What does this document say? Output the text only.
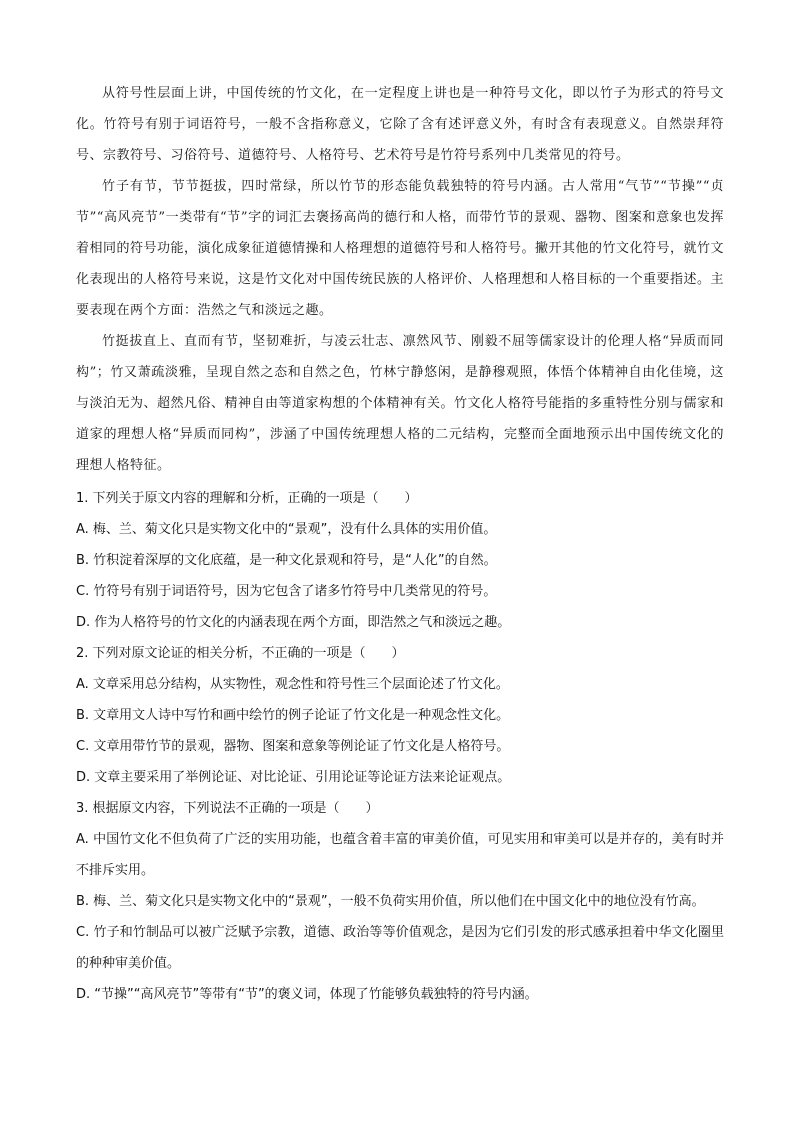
从符号性层面上讲，中国传统的竹文化，在一定程度上讲也是一种符号文化，即以竹子为形式的符号文化。竹符号有别于词语符号，一般不含指称意义，它除了含有述评意义外，有时含有表现意义。自然崇拜符号、宗教符号、习俗符号、道德符号、人格符号、艺术符号是竹符号系列中几类常见的符号。

竹子有节，节节挺拔，四时常绿，所以竹节的形态能负载独特的符号内涵。古人常用“气节”“节操”“贞节”“高风亮节”一类带有“节”字的词汇去褒扬高尚的德行和人格，而带竹节的景观、器物、图案和意象也发挥着相同的符号功能，演化成象征道德情操和人格理想的道德符号和人格符号。撇开其他的竹文化符号，就竹文化表现出的人格符号来说，这是竹文化对中国传统民族的人格评价、人格理想和人格目标的一个重要指述。主要表现在两个方面：浩然之气和淡远之趣。

竹挺拔直上、直而有节，坚韧难折，与凌云壮志、凛然风节、刚毅不屈等儒家设计的伦理人格“异质而同构”；竹又萧疏淡雅，呈现自然之态和自然之色，竹林宁静悠闲，是静穆观照，体悟个体精神自由化佳境，这与淡泊无为、超然凡俗、精神自由等道家构想的个体精神有关。竹文化人格符号能指的多重特性分别与儒家和道家的理想人格“异质而同构”，涉涵了中国传统理想人格的二元结构，完整而全面地预示出中国传统文化的理想人格特征。

1. 下列关于原文内容的理解和分析，正确的一项是（　　）

A. 梅、兰、菊文化只是实物文化中的“景观”，没有什么具体的实用价值。

B. 竹积淀着深厚的文化底蕴，是一种文化景观和符号，是“人化”的自然。

C. 竹符号有别于词语符号，因为它包含了诸多竹符号中几类常见的符号。

D. 作为人格符号的竹文化的内涵表现在两个方面，即浩然之气和淡远之趣。

2. 下列对原文论证的相关分析，不正确的一项是（　　）

A. 文章采用总分结构，从实物性，观念性和符号性三个层面论述了竹文化。

B. 文章用文人诗中写竹和画中绘竹的例子论证了竹文化是一种观念性文化。

C. 文章用带竹节的景观，器物、图案和意象等例论证了竹文化是人格符号。

D. 文章主要采用了举例论证、对比论证、引用论证等论证方法来论证观点。

3. 根据原文内容，下列说法不正确的一项是（　　）

A. 中国竹文化不但负荷了广泛的实用功能，也蕴含着丰富的审美价值，可见实用和审美可以是并存的，美有时并不排斥实用。

B. 梅、兰、菊文化只是实物文化中的“景观”，一般不负荷实用价值，所以他们在中国文化中的地位没有竹高。

C. 竹子和竹制品可以被广泛赋予宗教，道德、政治等等价值观念，是因为它们引发的形式感承担着中华文化圈里的种种审美价值。

D. “节操”“高风亮节”等带有“节”的褒义词，体现了竹能够负载独特的符号内涵。
